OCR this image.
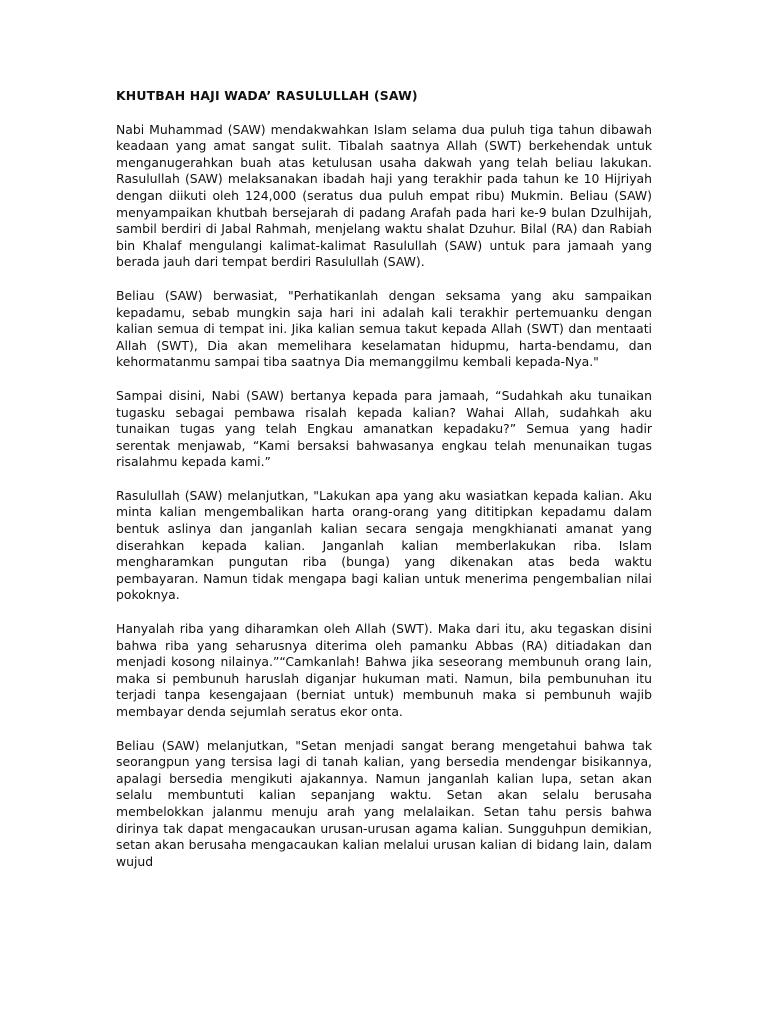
KHUTBAH HAJI WADA’ RASULULLAH (SAW)

Nabi Muhammad (SAW) mendakwahkan Islam selama dua puluh tiga tahun dibawah keadaan yang amat sangat sulit. Tibalah saatnya Allah (SWT) berkehendak untuk menganugerahkan buah atas ketulusan usaha dakwah yang telah beliau lakukan. Rasulullah (SAW) melaksanakan ibadah haji yang terakhir pada tahun ke 10 Hijriyah dengan diikuti oleh 124,000 (seratus dua puluh empat ribu) Mukmin. Beliau (SAW) menyampaikan khutbah bersejarah di padang Arafah pada hari ke-9 bulan Dzulhijah, sambil berdiri di Jabal Rahmah, menjelang waktu shalat Dzuhur. Bilal (RA) dan Rabiah bin Khalaf mengulangi kalimat-kalimat Rasulullah (SAW) untuk para jamaah yang berada jauh dari tempat berdiri Rasulullah (SAW).

Beliau (SAW) berwasiat, "Perhatikanlah dengan seksama yang aku sampaikan kepadamu, sebab mungkin saja hari ini adalah kali terakhir pertemuanku dengan kalian semua di tempat ini. Jika kalian semua takut kepada Allah (SWT) dan mentaati Allah (SWT), Dia akan memelihara keselamatan hidupmu, harta-bendamu, dan kehormatanmu sampai tiba saatnya Dia memanggilmu kembali kepada-Nya."

Sampai disini, Nabi (SAW) bertanya kepada para jamaah, “Sudahkah aku tunaikan tugasku sebagai pembawa risalah kepada kalian? Wahai Allah, sudahkah aku tunaikan tugas yang telah Engkau amanatkan kepadaku?” Semua yang hadir serentak menjawab, “Kami bersaksi bahwasanya engkau telah menunaikan tugas risalahmu kepada kami.”

Rasulullah (SAW) melanjutkan, "Lakukan apa yang aku wasiatkan kepada kalian. Aku minta kalian mengembalikan harta orang-orang yang dititipkan kepadamu dalam bentuk aslinya dan janganlah kalian secara sengaja mengkhianati amanat yang diserahkan kepada kalian. Janganlah kalian memberlakukan riba. Islam mengharamkan pungutan riba (bunga) yang dikenakan atas beda waktu pembayaran. Namun tidak mengapa bagi kalian untuk menerima pengembalian nilai pokoknya.

Hanyalah riba yang diharamkan oleh Allah (SWT). Maka dari itu, aku tegaskan disini bahwa riba yang seharusnya diterima oleh pamanku Abbas (RA) ditiadakan dan menjadi kosong nilainya.”“Camkanlah! Bahwa jika seseorang membunuh orang lain, maka si pembunuh haruslah diganjar hukuman mati. Namun, bila pembunuhan itu terjadi tanpa kesengajaan (berniat untuk) membunuh maka si pembunuh wajib membayar denda sejumlah seratus ekor onta.

Beliau (SAW) melanjutkan, "Setan menjadi sangat berang mengetahui bahwa tak seorangpun yang tersisa lagi di tanah kalian, yang bersedia mendengar bisikannya, apalagi bersedia mengikuti ajakannya. Namun janganlah kalian lupa, setan akan selalu membuntuti kalian sepanjang waktu. Setan akan selalu berusaha membelokkan jalanmu menuju arah yang melalaikan. Setan tahu persis bahwa dirinya tak dapat mengacaukan urusan-urusan agama kalian. Sungguhpun demikian, setan akan berusaha mengacaukan kalian melalui urusan kalian di bidang lain, dalam wujud
